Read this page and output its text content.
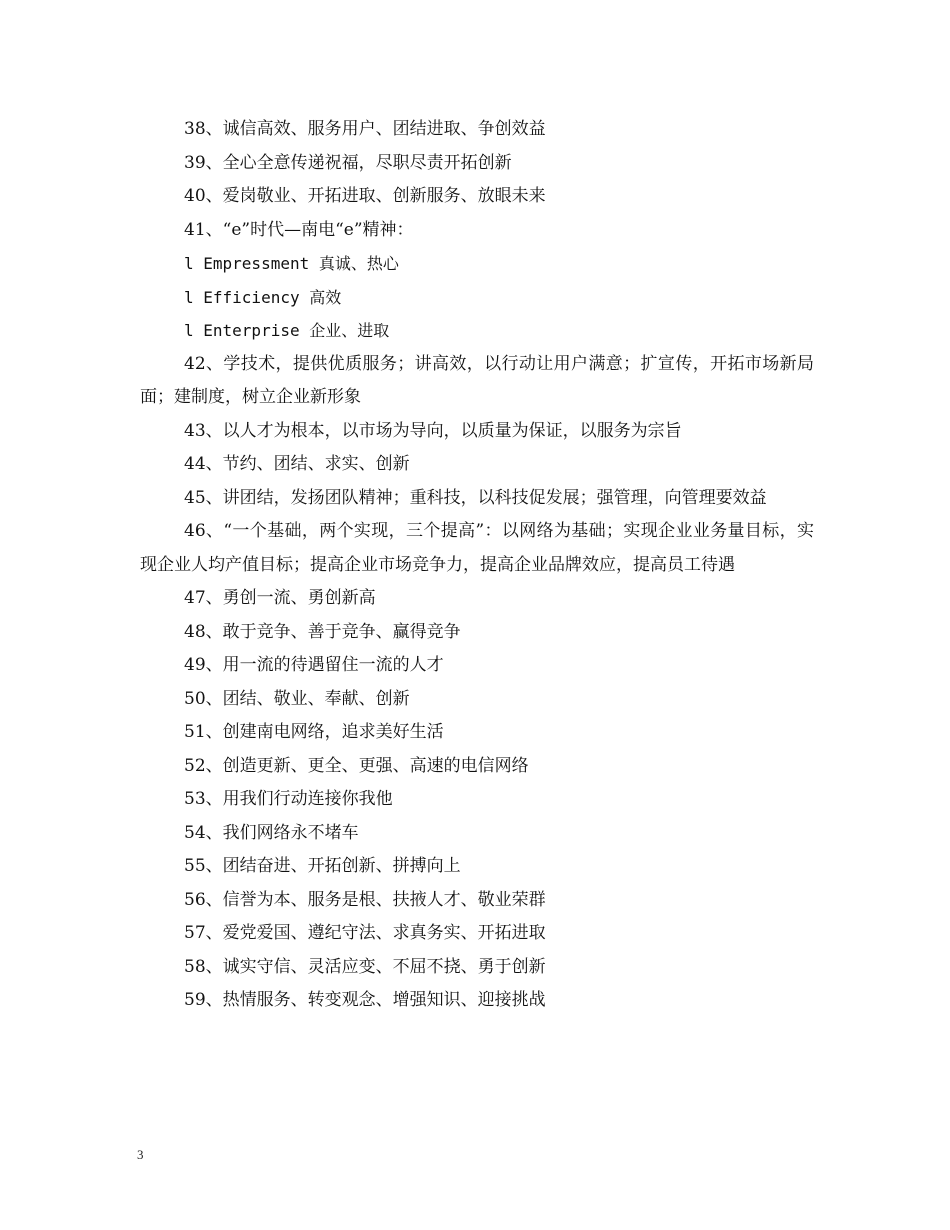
38、诚信高效、服务用户、团结进取、争创效益

39、全心全意传递祝福，尽职尽责开拓创新

40、爱岗敬业、开拓进取、创新服务、放眼未来

41、“e”时代—南电“e”精神：

l Empressment 真诚、热心

l Efficiency 高效

l Enterprise 企业、进取

42、学技术，提供优质服务；讲高效，以行动让用户满意；扩宣传，开拓市场新局面；建制度，树立企业新形象

43、以人才为根本，以市场为导向，以质量为保证，以服务为宗旨

44、节约、团结、求实、创新

45、讲团结，发扬团队精神；重科技，以科技促发展；强管理，向管理要效益

46、“一个基础，两个实现，三个提高”：以网络为基础；实现企业业务量目标，实现企业人均产值目标；提高企业市场竞争力，提高企业品牌效应，提高员工待遇

47、勇创一流、勇创新高

48、敢于竞争、善于竞争、赢得竞争

49、用一流的待遇留住一流的人才

50、团结、敬业、奉献、创新

51、创建南电网络，追求美好生活

52、创造更新、更全、更强、高速的电信网络

53、用我们行动连接你我他

54、我们网络永不堵车

55、团结奋进、开拓创新、拼搏向上

56、信誉为本、服务是根、扶掖人才、敬业荣群

57、爱党爱国、遵纪守法、求真务实、开拓进取

58、诚实守信、灵活应变、不屈不挠、勇于创新

59、热情服务、转变观念、增强知识、迎接挑战

3
